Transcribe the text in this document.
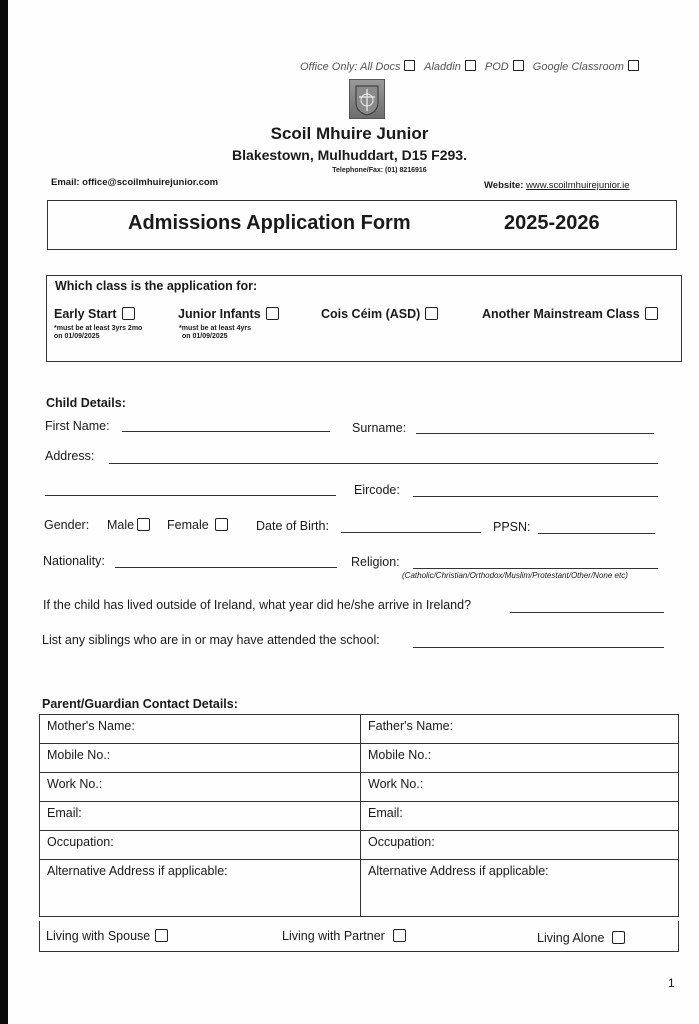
Office Only: All Docs Aladdin POD Google Classroom
Scoil Mhuire Junior
Blakestown, Mulhuddart, D15 F293.
Telephone/Fax: (01) 8216916
Email: office@scoilmhuirejunior.com	Website: www.scoilmhuirejunior.ie
Admissions Application Form	2025-2026
Which class is the application for:
Early Start
*must be at least 3yrs 2mo
on 01/09/2025
Junior Infants
*must be at least 4yrs
on 01/09/2025
Cois Céim (ASD)	Another Mainstream Class
Child Details:
First Name:	Surname:
Address:
Eircode:
Gender: Male	Female	Date of Birth:	PPSN:
Nationality:	Religion:
(Catholic/Christian/Orthodox/Muslim/Protestant/Other/None etc)
If the child has lived outside of Ireland, what year did he/she arrive in Ireland?
List any siblings who are in or may have attended the school:
Parent/Guardian Contact Details:
Mother's Name:	Father's Name:
Mobile No.:	Mobile No.:
Work No.:	Work No.:
Email:	Email:
Occupation:	Occupation:
Alternative Address if applicable:	Alternative Address if applicable:
Living with Spouse	Living with Partner	Living Alone
1
